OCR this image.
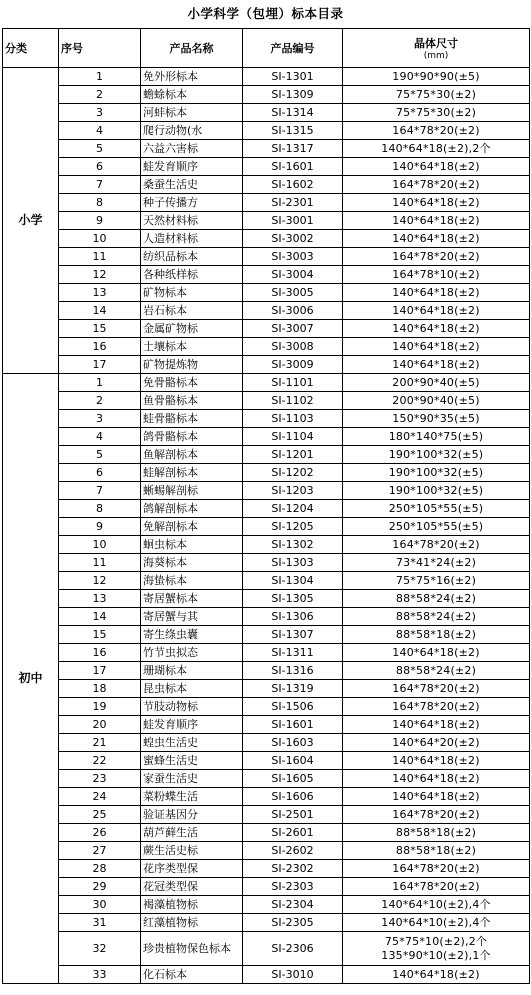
小学科学（包埋）标本目录
分类	序号	产品名称	产品编号	晶体尺寸
(mm)

小学	1	免外形标本	SI-1301	190*90*90(±5)
	2	蟾蜍标本	SI-1309	75*75*30(±2)
	3	河蚌标本	SI-1314	75*75*30(±2)
	4	爬行动物(水	SI-1315	164*78*20(±2)
	5	六益六害标	SI-1317	140*64*18(±2),2个
	6	蛙发育顺序	SI-1601	140*64*18(±2)
	7	桑蚕生活史	SI-1602	164*78*20(±2)
	8	种子传播方	SI-2301	140*64*18(±2)
	9	天然材料标	SI-3001	140*64*18(±2)
	10	人造材料标	SI-3002	140*64*18(±2)
	11	纺织品标本	SI-3003	164*78*20(±2)
	12	各种纸样标	SI-3004	164*78*10(±2)
	13	矿物标本	SI-3005	140*64*18(±2)
	14	岩石标本	SI-3006	140*64*18(±2)
	15	金属矿物标	SI-3007	140*64*18(±2)
	16	土壤标本	SI-3008	140*64*18(±2)
	17	矿物提炼物	SI-3009	140*64*18(±2)
初中	1	免骨骼标本	SI-1101	200*90*40(±5)
	2	鱼骨骼标本	SI-1102	200*90*40(±5)
	3	蛙骨骼标本	SI-1103	150*90*35(±5)
	4	鸽骨骼标本	SI-1104	180*140*75(±5)
	5	鱼解剖标本	SI-1201	190*100*32(±5)
	6	蛙解剖标本	SI-1202	190*100*32(±5)
	7	蜥蜴解剖标	SI-1203	190*100*32(±5)
	8	鸽解剖标本	SI-1204	250*105*55(±5)
	9	免解剖标本	SI-1205	250*105*55(±5)
	10	蛔虫标本	SI-1302	164*78*20(±2)
	11	海葵标本	SI-1303	73*41*24(±2)
	12	海蛰标本	SI-1304	75*75*16(±2)
	13	寄居蟹标本	SI-1305	88*58*24(±2)
	14	寄居蟹与其	SI-1306	88*58*24(±2)
	15	寄生绦虫囊	SI-1307	88*58*18(±2)
	16	竹节虫拟态	SI-1311	140*64*18(±2)
	17	珊瑚标本	SI-1316	88*58*24(±2)
	18	昆虫标本	SI-1319	164*78*20(±2)
	19	节肢动物标	SI-1506	164*78*20(±2)
	20	蛙发育顺序	SI-1601	140*64*18(±2)
	21	蝗虫生活史	SI-1603	140*64*20(±2)
	22	蜜蜂生活史	SI-1604	140*64*18(±2)
	23	家蚕生活史	SI-1605	140*64*18(±2)
	24	菜粉蝶生活	SI-1606	140*64*18(±2)
	25	验证基因分	SI-2501	164*78*20(±2)
	26	葫芦藓生活	SI-2601	88*58*18(±2)
	27	蕨生活史标	SI-2602	88*58*18(±2)
	28	花序类型保	SI-2302	164*78*20(±2)
	29	花冠类型保	SI-2303	164*78*20(±2)
	30	褐藻植物标	SI-2304	140*64*10(±2),4个
	31	红藻植物标	SI-2305	140*64*10(±2),4个
	32	珍贵植物保色标本	SI-2306	75*75*10(±2),2个
135*90*10(±2),1个
	33	化石标本	SI-3010	140*64*18(±2)
